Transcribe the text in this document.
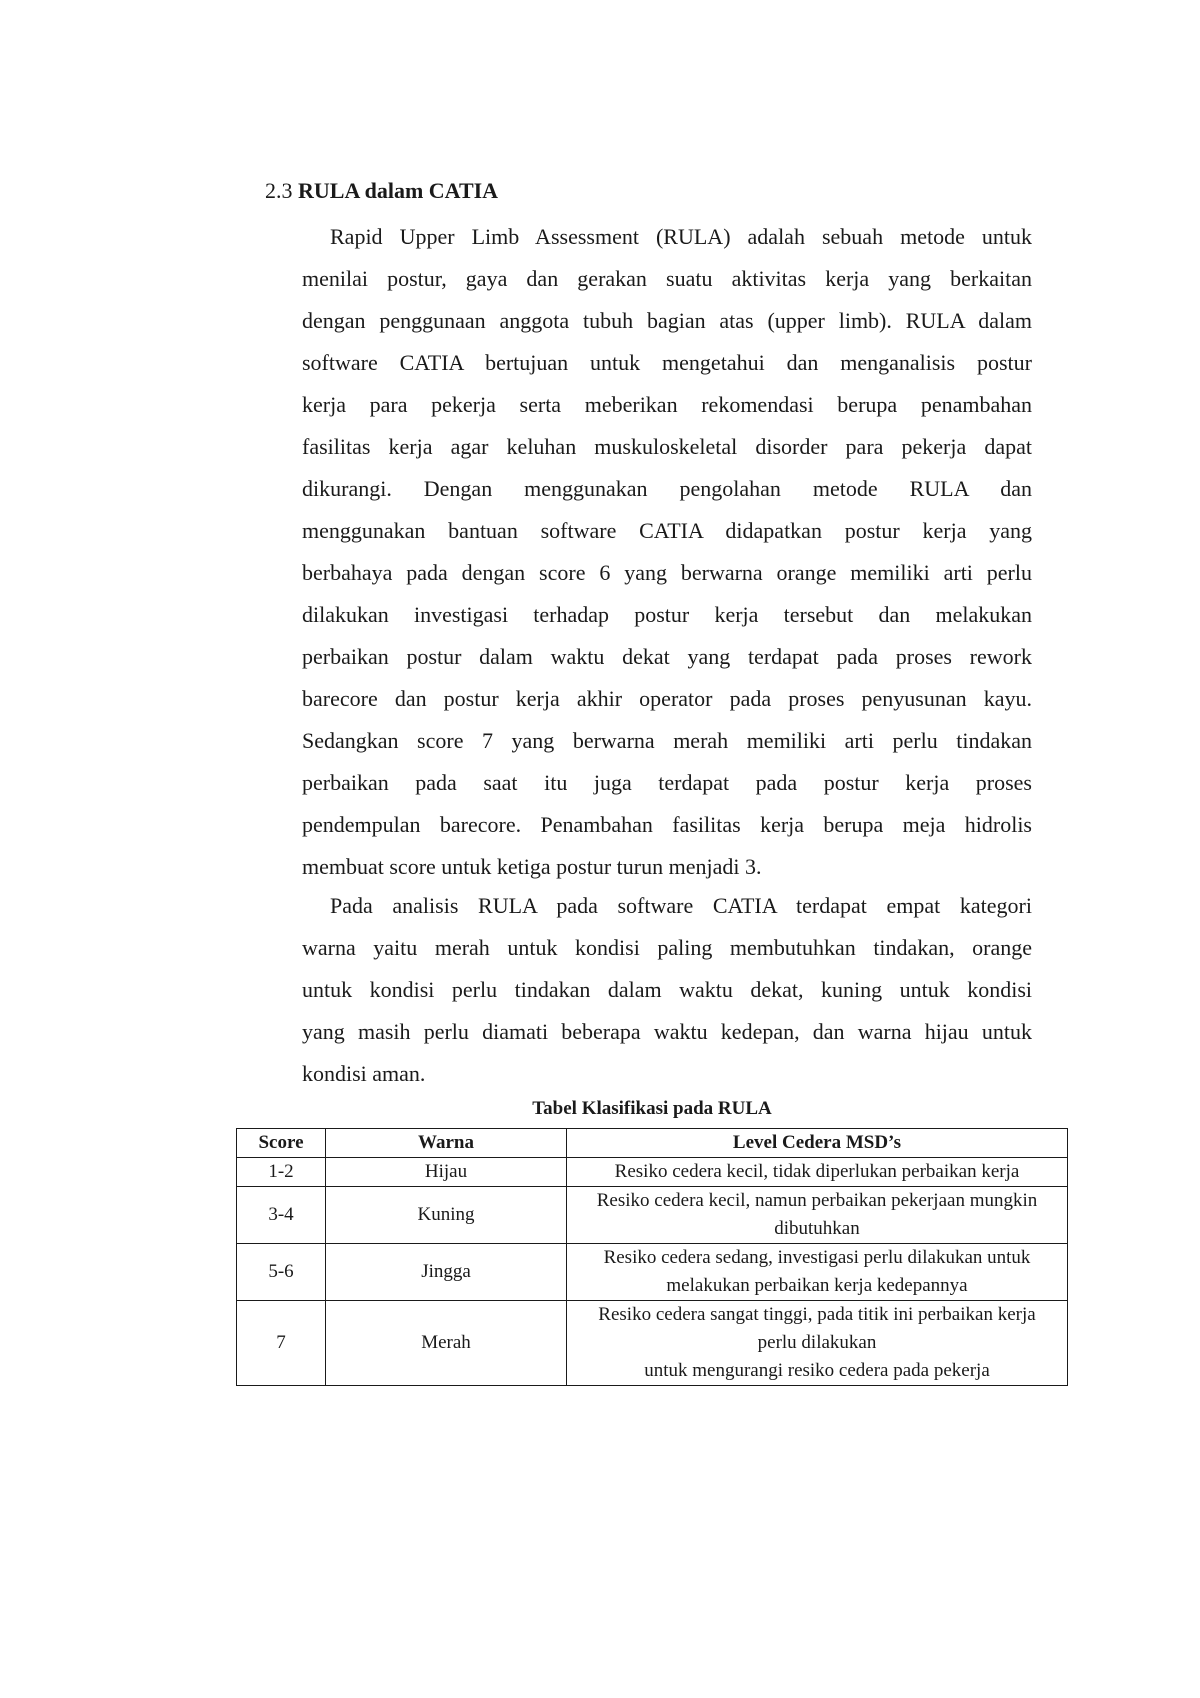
2.3 RULA dalam CATIA
Rapid Upper Limb Assessment (RULA) adalah sebuah metode untuk
menilai postur, gaya dan gerakan suatu aktivitas kerja yang berkaitan
dengan penggunaan anggota tubuh bagian atas (upper limb). RULA dalam
software CATIA bertujuan untuk mengetahui dan menganalisis postur
kerja para pekerja serta meberikan rekomendasi berupa penambahan
fasilitas kerja agar keluhan muskuloskeletal disorder para pekerja dapat
dikurangi. Dengan menggunakan pengolahan metode RULA dan
menggunakan bantuan software CATIA didapatkan postur kerja yang
berbahaya pada dengan score 6 yang berwarna orange memiliki arti perlu
dilakukan investigasi terhadap postur kerja tersebut dan melakukan
perbaikan postur dalam waktu dekat yang terdapat pada proses rework
barecore dan postur kerja akhir operator pada proses penyusunan kayu.
Sedangkan score 7 yang berwarna merah memiliki arti perlu tindakan
perbaikan pada saat itu juga terdapat pada postur kerja proses
pendempulan barecore. Penambahan fasilitas kerja berupa meja hidrolis
membuat score untuk ketiga postur turun menjadi 3.
Pada analisis RULA pada software CATIA terdapat empat kategori
warna yaitu merah untuk kondisi paling membutuhkan tindakan, orange
untuk kondisi perlu tindakan dalam waktu dekat, kuning untuk kondisi
yang masih perlu diamati beberapa waktu kedepan, dan warna hijau untuk
kondisi aman.
Tabel Klasifikasi pada RULA
Score	Warna	Level Cedera MSD’s
1-2	Hijau	Resiko cedera kecil, tidak diperlukan perbaikan kerja

3-4	Kuning	Resiko cedera kecil, namun perbaikan pekerjaan mungkin
dibutuhkan

5-6	Jingga	Resiko cedera sedang, investigasi perlu dilakukan untuk
melakukan perbaikan kerja kedepannya

7	Merah	Resiko cedera sangat tinggi, pada titik ini perbaikan kerja
perlu dilakukan
untuk mengurangi resiko cedera pada pekerja
